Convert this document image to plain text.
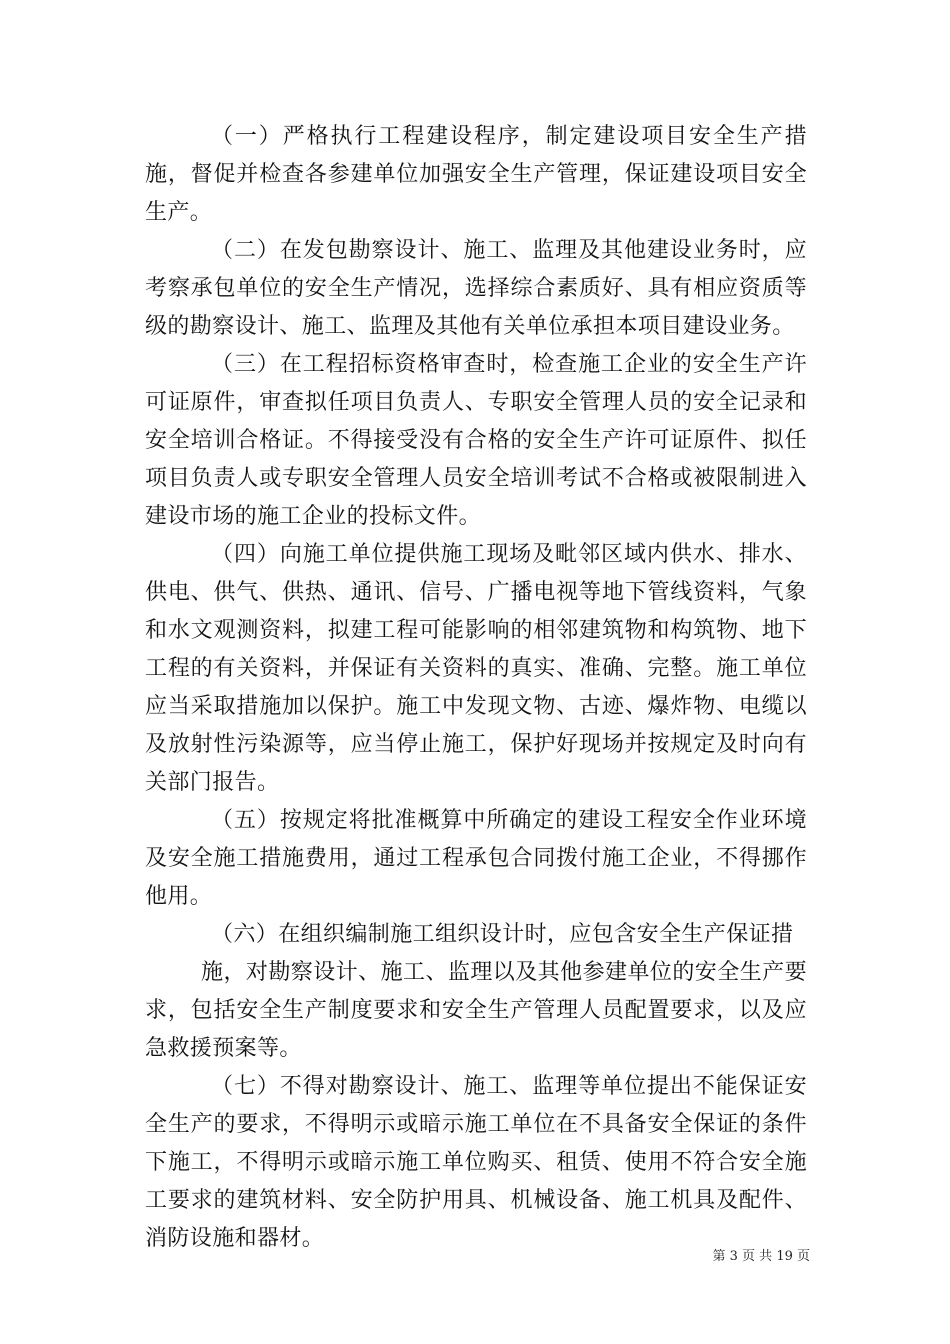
（一）严格执行工程建设程序，制定建设项目安全生产措施，督促并检查各参建单位加强安全生产管理，保证建设项目安全生产。

（二）在发包勘察设计、施工、监理及其他建设业务时，应考察承包单位的安全生产情况，选择综合素质好、具有相应资质等级的勘察设计、施工、监理及其他有关单位承担本项目建设业务。

（三）在工程招标资格审查时，检查施工企业的安全生产许可证原件，审查拟任项目负责人、专职安全管理人员的安全记录和安全培训合格证。不得接受没有合格的安全生产许可证原件、拟任项目负责人或专职安全管理人员安全培训考试不合格或被限制进入建设市场的施工企业的投标文件。

（四）向施工单位提供施工现场及毗邻区域内供水、排水、供电、供气、供热、通讯、信号、广播电视等地下管线资料，气象和水文观测资料，拟建工程可能影响的相邻建筑物和构筑物、地下工程的有关资料，并保证有关资料的真实、准确、完整。施工单位应当采取措施加以保护。施工中发现文物、古迹、爆炸物、电缆以及放射性污染源等，应当停止施工，保护好现场并按规定及时向有关部门报告。

（五）按规定将批准概算中所确定的建设工程安全作业环境及安全施工措施费用，通过工程承包合同拨付施工企业，不得挪作他用。

（六）在组织编制施工组织设计时，应包含安全生产保证措

施，对勘察设计、施工、监理以及其他参建单位的安全生产要求，包括安全生产制度要求和安全生产管理人员配置要求，以及应急救援预案等。

（七）不得对勘察设计、施工、监理等单位提出不能保证安全生产的要求，不得明示或暗示施工单位在不具备安全保证的条件下施工，不得明示或暗示施工单位购买、租赁、使用不符合安全施工要求的建筑材料、安全防护用具、机械设备、施工机具及配件、消防设施和器材。

第 3 页 共 19 页
